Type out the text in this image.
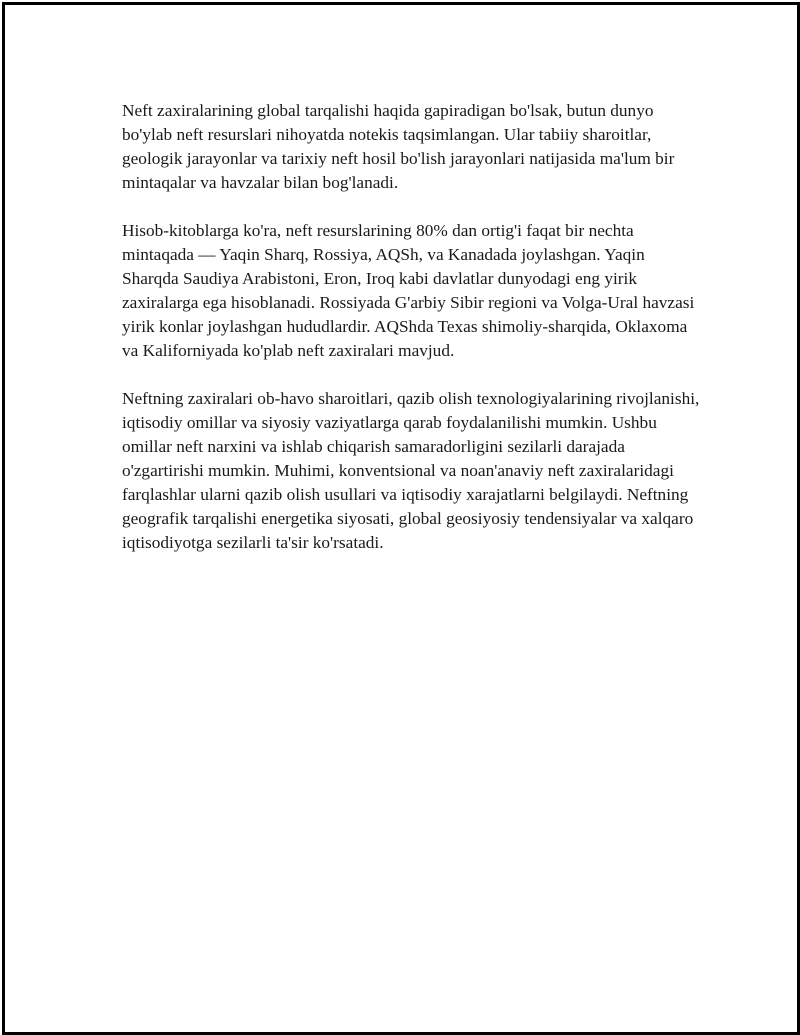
Neft zaxiralarining global tarqalishi haqida gapiradigan bo'lsak, butun dunyo bo'ylab neft resurslari nihoyatda notekis taqsimlangan. Ular tabiiy sharoitlar, geologik jarayonlar va tarixiy neft hosil bo'lish jarayonlari natijasida ma'lum bir mintaqalar va havzalar bilan bog'lanadi.

Hisob-kitoblarga ko'ra, neft resurslarining 80% dan ortig'i faqat bir nechta mintaqada — Yaqin Sharq, Rossiya, AQSh, va Kanadada joylashgan. Yaqin Sharqda Saudiya Arabistoni, Eron, Iroq kabi davlatlar dunyodagi eng yirik zaxiralarga ega hisoblanadi. Rossiyada G'arbiy Sibir regioni va Volga-Ural havzasi yirik konlar joylashgan hududlardir. AQShda Texas shimoliy-sharqida, Oklaxoma va Kaliforniyada ko'plab neft zaxiralari mavjud.

Neftning zaxiralari ob-havo sharoitlari, qazib olish texnologiyalarining rivojlanishi, iqtisodiy omillar va siyosiy vaziyatlarga qarab foydalanilishi mumkin. Ushbu omillar neft narxini va ishlab chiqarish samaradorligini sezilarli darajada o'zgartirishi mumkin. Muhimi, konventsional va noan'anaviy neft zaxiralaridagi farqlashlar ularni qazib olish usullari va iqtisodiy xarajatlarni belgilaydi. Neftning geografik tarqalishi energetika siyosati, global geosiyosiy tendensiyalar va xalqaro iqtisodiyotga sezilarli ta'sir ko'rsatadi.
